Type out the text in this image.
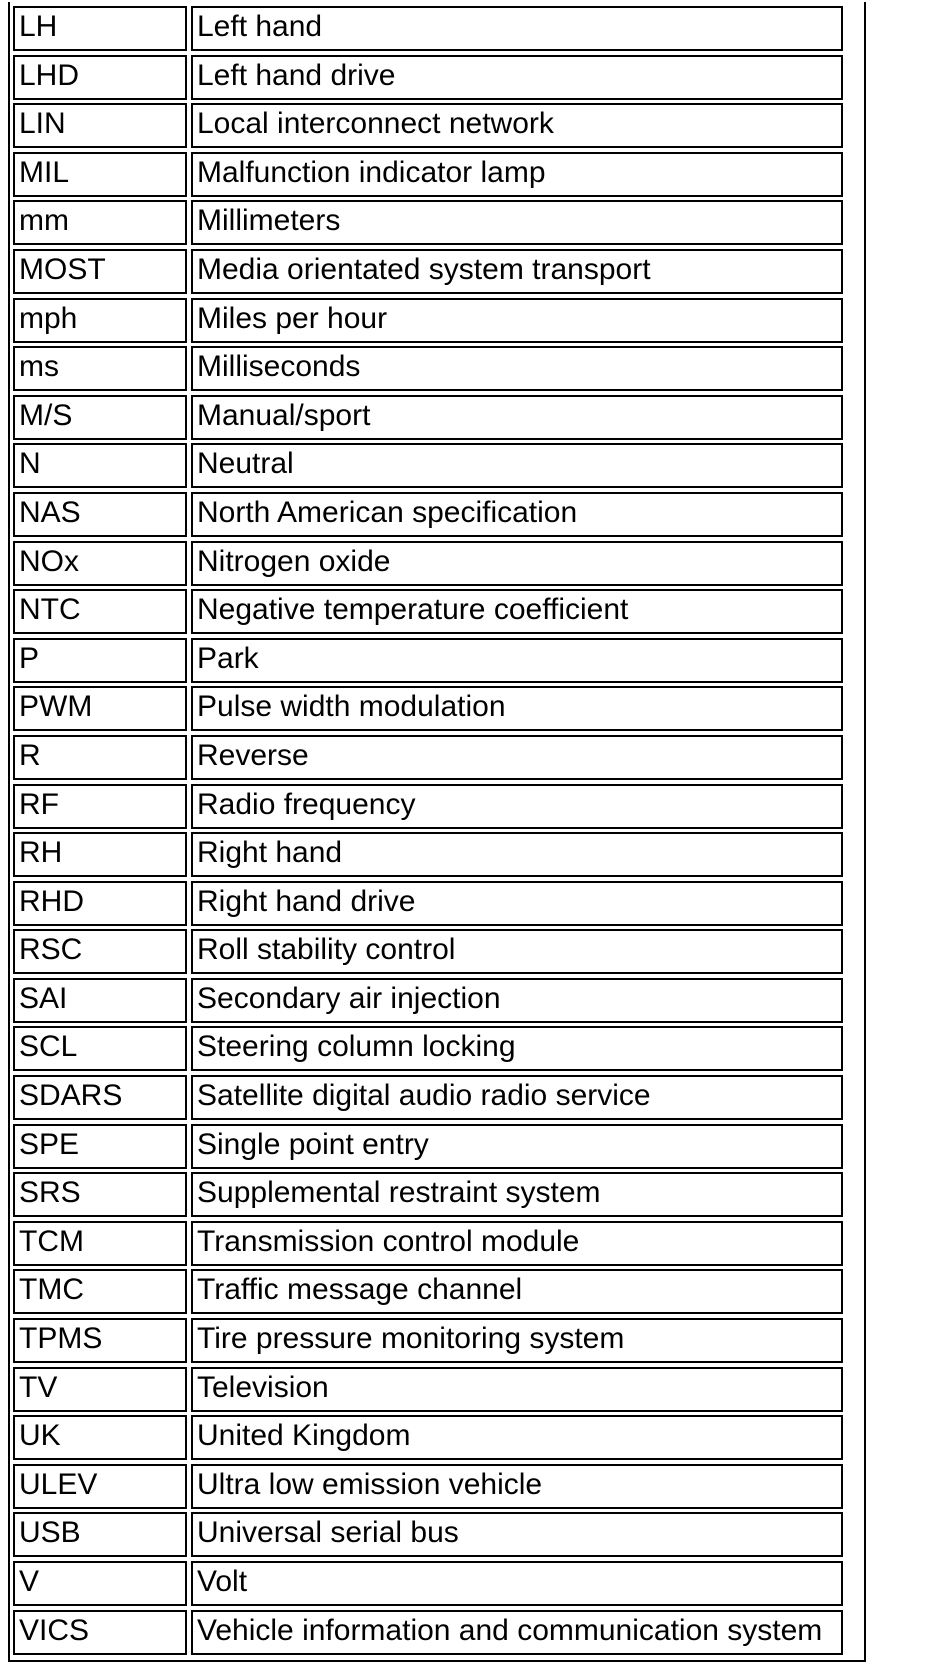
LH	Left hand
LHD	Left hand drive
LIN	Local interconnect network
MIL	Malfunction indicator lamp
mm	Millimeters
MOST	Media orientated system transport
mph	Miles per hour
ms	Milliseconds
M/S	Manual/sport
N	Neutral
NAS	North American specification
NOx	Nitrogen oxide
NTC	Negative temperature coefficient
P	Park
PWM	Pulse width modulation
R	Reverse
RF	Radio frequency
RH	Right hand
RHD	Right hand drive
RSC	Roll stability control
SAI	Secondary air injection
SCL	Steering column locking
SDARS	Satellite digital audio radio service
SPE	Single point entry
SRS	Supplemental restraint system
TCM	Transmission control module
TMC	Traffic message channel
TPMS	Tire pressure monitoring system
TV	Television
UK	United Kingdom
ULEV	Ultra low emission vehicle
USB	Universal serial bus
V	Volt
VICS	Vehicle information and communication system
